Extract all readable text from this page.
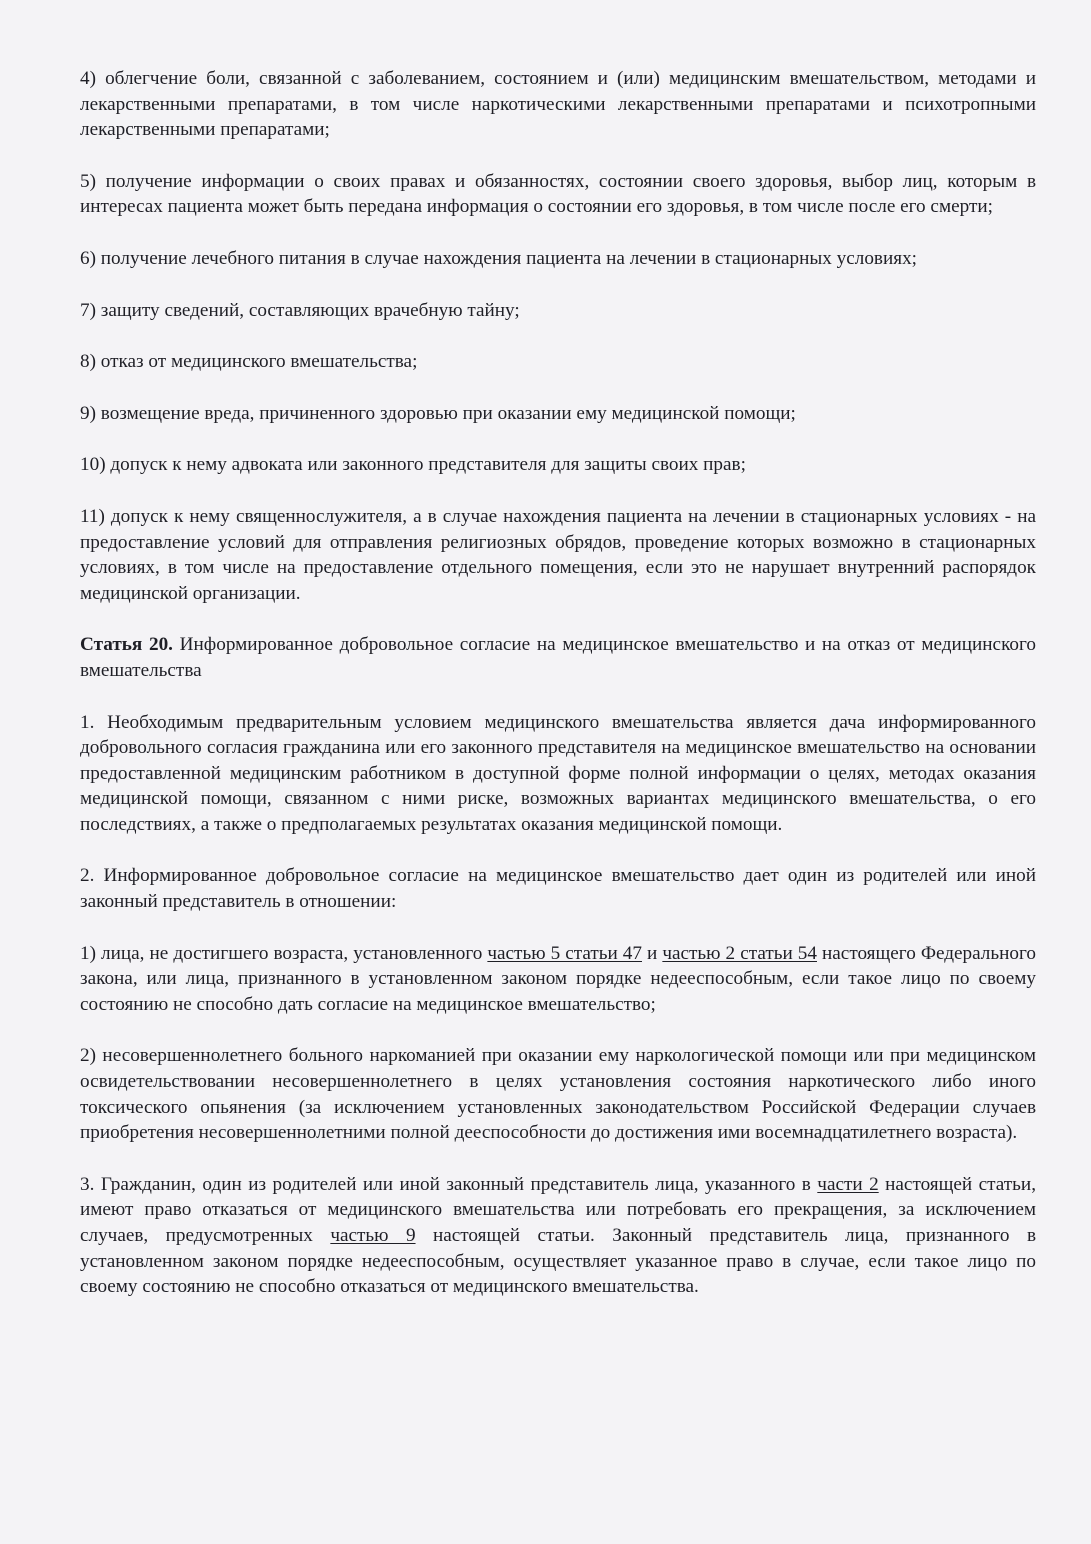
4) облегчение боли, связанной с заболеванием, состоянием и (или) медицинским вмешательством, методами и лекарственными препаратами, в том числе наркотическими лекарственными препаратами и психотропными лекарственными препаратами;

5) получение информации о своих правах и обязанностях, состоянии своего здоровья, выбор лиц, которым в интересах пациента может быть передана информация о состоянии его здоровья, в том числе после его смерти;

6) получение лечебного питания в случае нахождения пациента на лечении в стационарных условиях;

7) защиту сведений, составляющих врачебную тайну;

8) отказ от медицинского вмешательства;

9) возмещение вреда, причиненного здоровью при оказании ему медицинской помощи;

10) допуск к нему адвоката или законного представителя для защиты своих прав;

11) допуск к нему священнослужителя, а в случае нахождения пациента на лечении в стационарных условиях - на предоставление условий для отправления религиозных обрядов, проведение которых возможно в стационарных условиях, в том числе на предоставление отдельного помещения, если это не нарушает внутренний распорядок медицинской организации.

Статья 20. Информированное добровольное согласие на медицинское вмешательство и на отказ от медицинского вмешательства

1. Необходимым предварительным условием медицинского вмешательства является дача информированного добровольного согласия гражданина или его законного представителя на медицинское вмешательство на основании предоставленной медицинским работником в доступной форме полной информации о целях, методах оказания медицинской помощи, связанном с ними риске, возможных вариантах медицинского вмешательства, о его последствиях, а также о предполагаемых результатах оказания медицинской помощи.

2. Информированное добровольное согласие на медицинское вмешательство дает один из родителей или иной законный представитель в отношении:

1) лица, не достигшего возраста, установленного частью 5 статьи 47 и частью 2 статьи 54 настоящего Федерального закона, или лица, признанного в установленном законом порядке недееспособным, если такое лицо по своему состоянию не способно дать согласие на медицинское вмешательство;

2) несовершеннолетнего больного наркоманией при оказании ему наркологической помощи или при медицинском освидетельствовании несовершеннолетнего в целях установления состояния наркотического либо иного токсического опьянения (за исключением установленных законодательством Российской Федерации случаев приобретения несовершеннолетними полной дееспособности до достижения ими восемнадцатилетнего возраста).

3. Гражданин, один из родителей или иной законный представитель лица, указанного в части 2 настоящей статьи, имеют право отказаться от медицинского вмешательства или потребовать его прекращения, за исключением случаев, предусмотренных частью 9 настоящей статьи. Законный представитель лица, признанного в установленном законом порядке недееспособным, осуществляет указанное право в случае, если такое лицо по своему состоянию не способно отказаться от медицинского вмешательства.
